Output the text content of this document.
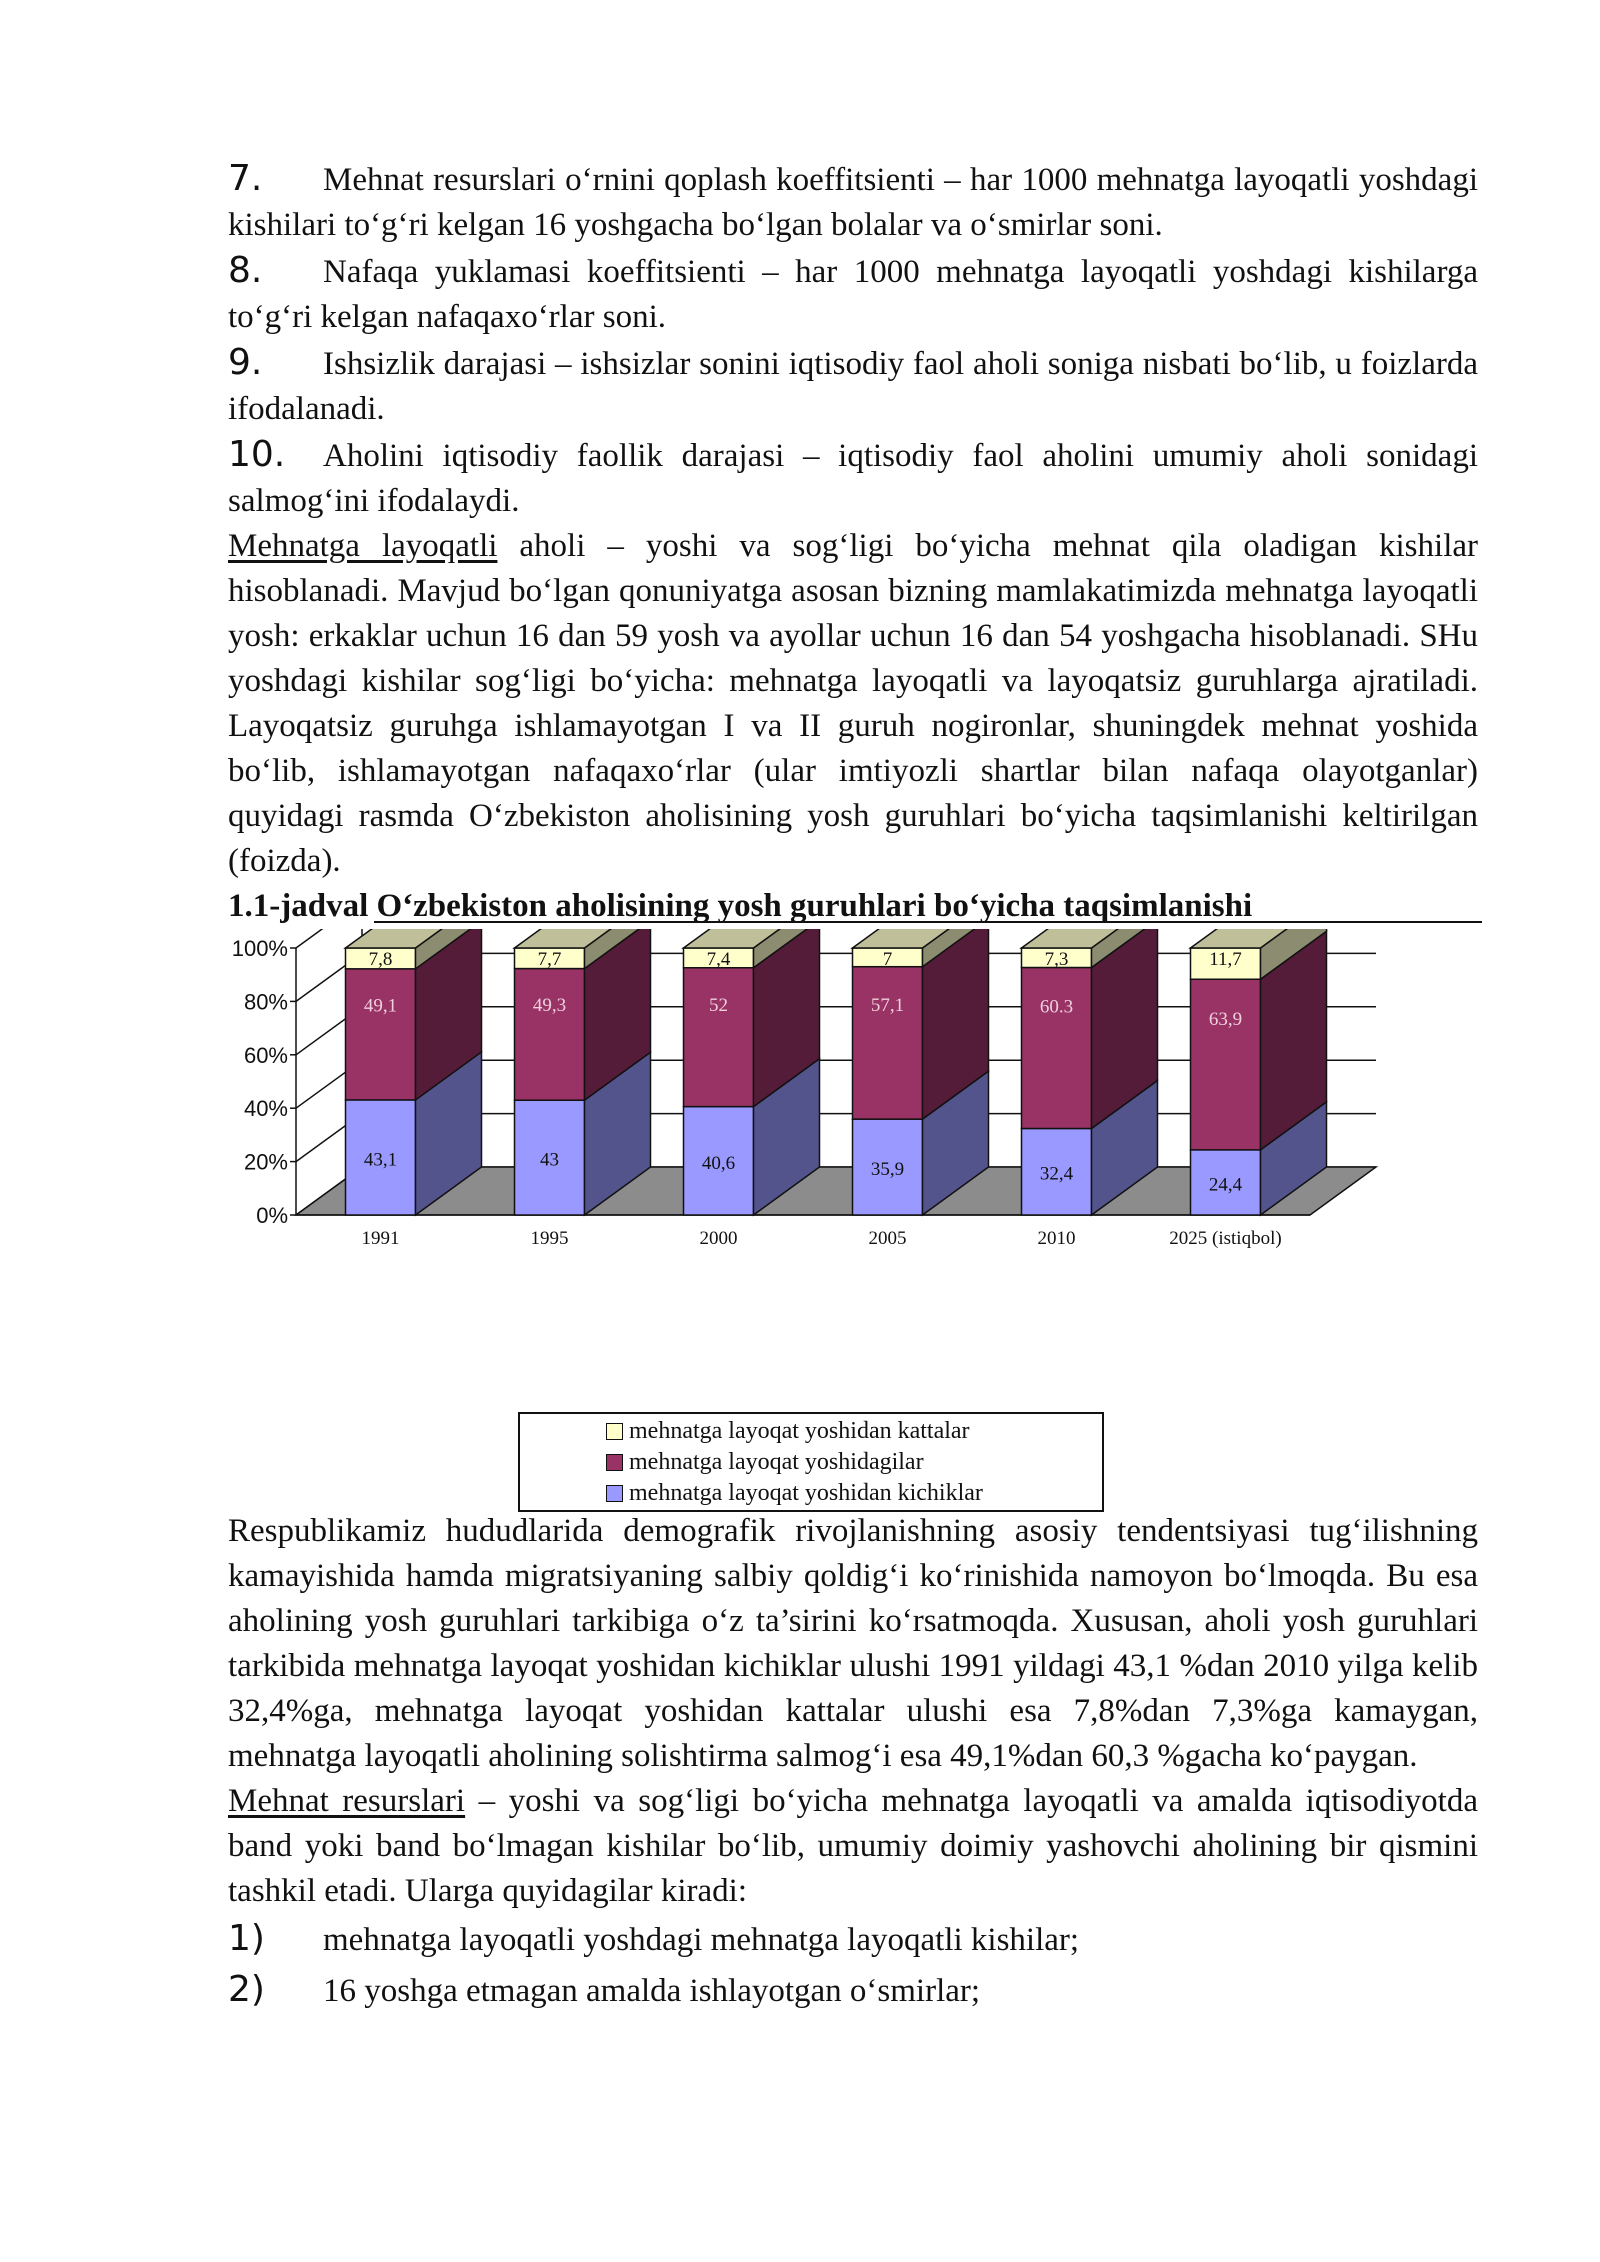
7. Mehnat resurslari o‘rnini qoplash koeffitsienti – har 1000 mehnatga layoqatli yoshdagi kishilari to‘g‘ri kelgan 16 yoshgacha bo‘lgan bolalar va o‘smirlar soni.

8. Nafaqa yuklamasi koeffitsienti – har 1000 mehnatga layoqatli yoshdagi kishilarga to‘g‘ri kelgan nafaqaxo‘rlar soni.

9. Ishsizlik darajasi – ishsizlar sonini iqtisodiy faol aholi soniga nisbati bo‘lib, u foizlarda ifodalanadi.

10. Aholini iqtisodiy faollik darajasi – iqtisodiy faol aholini umumiy aholi sonidagi salmog‘ini ifodalaydi.

Mehnatga layoqatli aholi – yoshi va sog‘ligi bo‘yicha mehnat qila oladigan kishilar hisoblanadi. Mavjud bo‘lgan qonuniyatga asosan bizning mamlakatimizda mehnatga layoqatli yosh: erkaklar uchun 16 dan 59 yosh va ayollar uchun 16 dan 54 yoshgacha hisoblanadi. SHu yoshdagi kishilar sog‘ligi bo‘yicha: mehnatga layoqatli va layoqatsiz guruhlarga ajratiladi. Layoqatsiz guruhga ishlamayotgan I va II guruh nogironlar, shuningdek mehnat yoshida bo‘lib, ishlamayotgan nafaqaxo‘rlar (ular imtiyozli shartlar bilan nafaqa olayotganlar) quyidagi rasmda O‘zbekiston aholisining yosh guruhlari bo‘yicha taqsimlanishi keltirilgan (foizda).

1.1-jadval O‘zbekiston aholisining yosh guruhlari bo‘yicha taqsimlanishi

0%
20%
40%
60%
80%
100%
43,1
49,1
7,8
1991
43
49,3
7,7
1995
40,6
52
7,4
2000
35,9
57,1
7
2005
32,4
60.3
7,3
2010
24,4
63,9
11,7
2025 (istiqbol)
mehnatga layoqat yoshidan kattalar
mehnatga layoqat yoshidagilar
mehnatga layoqat yoshidan kichiklar

Respublikamiz hududlarida demografik rivojlanishning asosiy tendentsiyasi tug‘ilishning kamayishida hamda migratsiyaning salbiy qoldig‘i ko‘rinishida namoyon bo‘lmoqda. Bu esa aholining yosh guruhlari tarkibiga o‘z ta’sirini ko‘rsatmoqda. Xususan, aholi yosh guruhlari tarkibida mehnatga layoqat yoshidan kichiklar ulushi 1991 yildagi 43,1 %dan 2010 yilga kelib 32,4%ga, mehnatga layoqat yoshidan kattalar ulushi esa 7,8%dan 7,3%ga kamaygan, mehnatga layoqatli aholining solishtirma salmog‘i esa 49,1%dan 60,3 %gacha ko‘paygan.

Mehnat resurslari – yoshi va sog‘ligi bo‘yicha mehnatga layoqatli va amalda iqtisodiyotda band yoki band bo‘lmagan kishilar bo‘lib, umumiy doimiy yashovchi aholining bir qismini tashkil etadi. Ularga quyidagilar kiradi:

1) mehnatga layoqatli yoshdagi mehnatga layoqatli kishilar;

2) 16 yoshga etmagan amalda ishlayotgan o‘smirlar;
